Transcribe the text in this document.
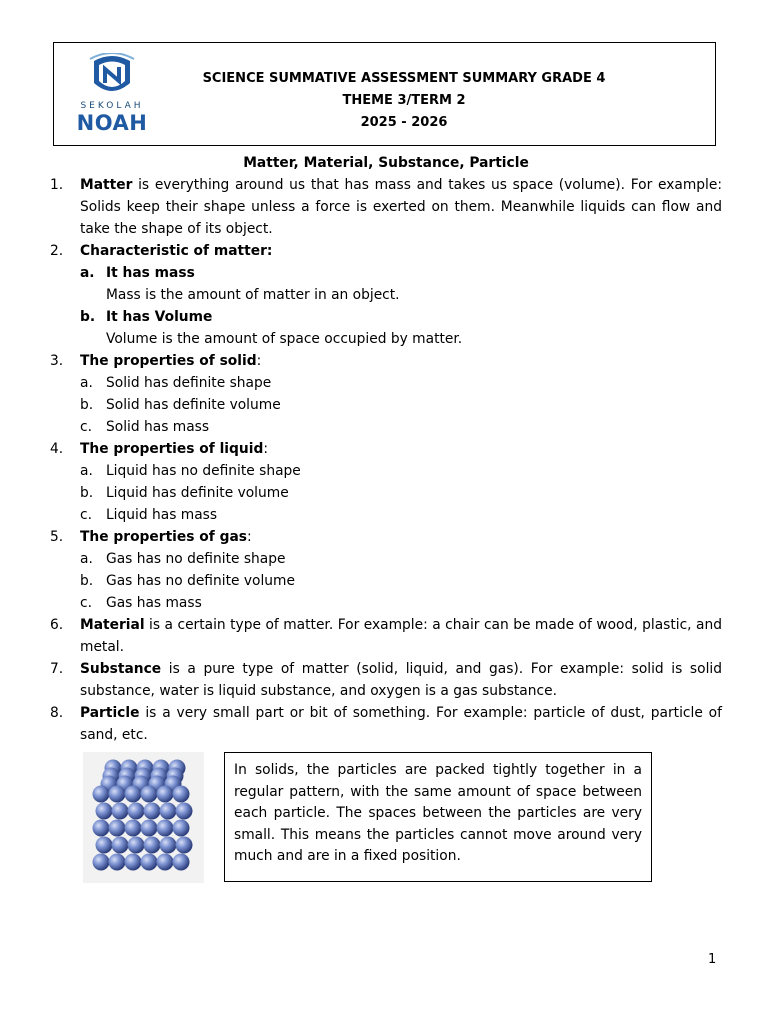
SEKOLAH
NOAH
SCIENCE SUMMATIVE ASSESSMENT SUMMARY GRADE 4
THEME 3/TERM 2
2025 - 2026
Matter, Material, Substance, Particle
1.	Matter is everything around us that has mass and takes us space (volume). For example: Solids keep their shape unless a force is exerted on them. Meanwhile liquids can flow and take the shape of its object.
2.	Characteristic of matter:
a. It has mass
Mass is the amount of matter in an object.
b. It has Volume
Volume is the amount of space occupied by matter.
3.	The properties of solid:
a. Solid has definite shape
b. Solid has definite volume
c.	Solid has mass
4.	The properties of liquid:
a. Liquid has no definite shape
b. Liquid has definite volume
c.	Liquid has mass
5.	The properties of gas:
a. Gas has no definite shape
b. Gas has no definite volume
c.	Gas has mass
6.	Material is a certain type of matter. For example: a chair can be made of wood, plastic, and metal.
7.	Substance is a pure type of matter (solid, liquid, and gas). For example: solid is solid substance, water is liquid substance, and oxygen is a gas substance.
8.	Particle is a very small part or bit of something. For example: particle of dust, particle of sand, etc.
In solids, the particles are packed tightly together in a regular pattern, with the same amount of space between each particle. The spaces between the particles are very small. This means the particles cannot move around very much and are in a fixed position.
1
